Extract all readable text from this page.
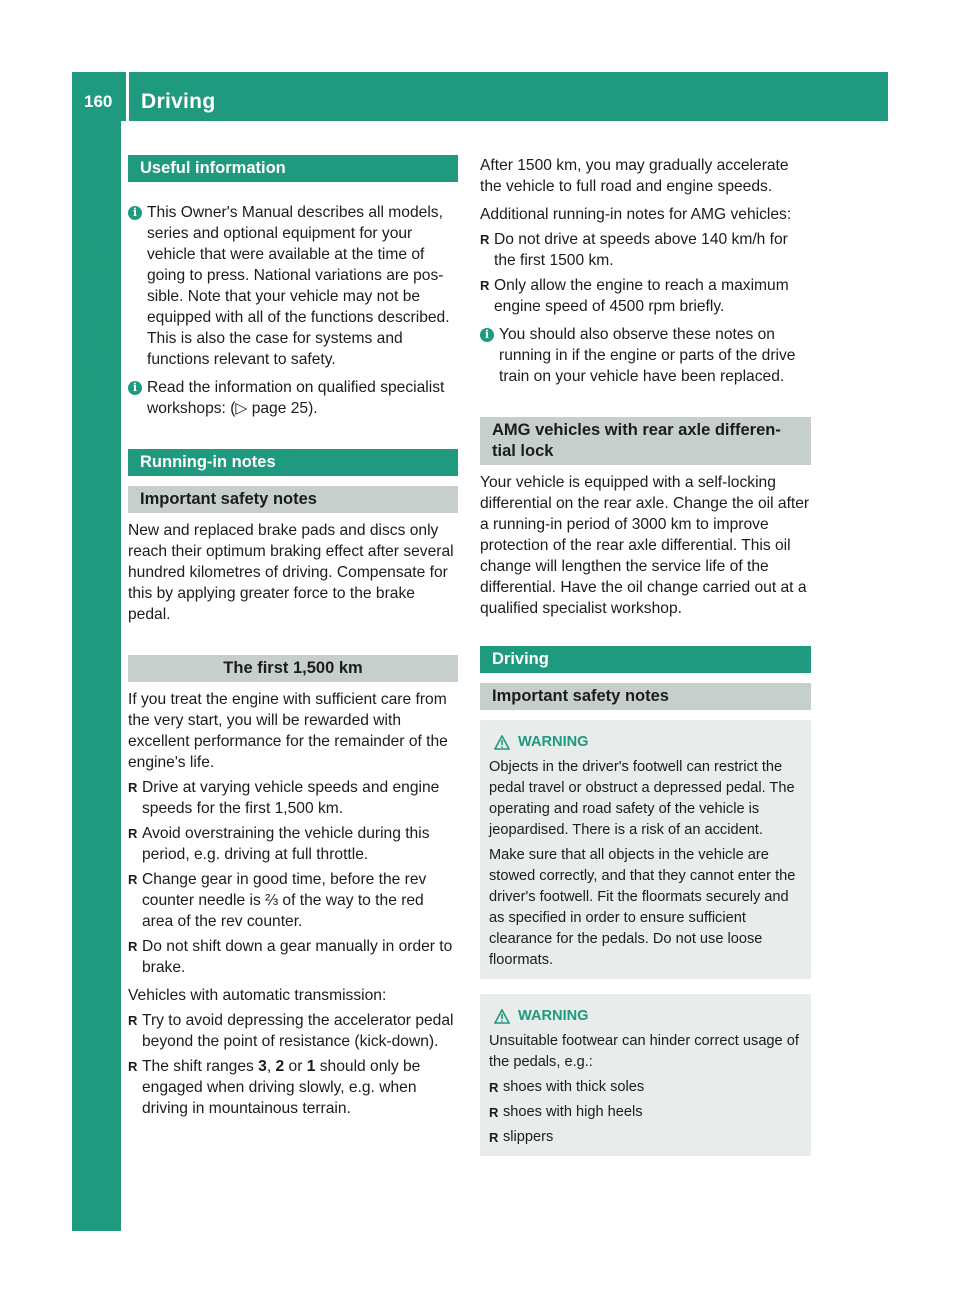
160	Driving
Driving and parking
Useful information
i This Owner's Manual describes all models, series and optional equipment for your vehicle that were available at the time of going to press. National variations are possible. Note that your vehicle may not be equipped with all of the functions described. This is also the case for systems and functions relevant to safety.

i Read the information on qualified specialist workshops: (▷ page 25).

Running-in notes
Important safety notes

New and replaced brake pads and discs only reach their optimum braking effect after several hundred kilometres of driving. Compensate for this by applying greater force to the brake pedal.

The first 1,500 km

If you treat the engine with sufficient care from the very start, you will be rewarded with excellent performance for the remainder of the engine's life.

R Drive at varying vehicle speeds and engine speeds for the first 1,500 km.
R Avoid overstraining the vehicle during this period, e.g. driving at full throttle.
R Change gear in good time, before the rev counter needle is ⅔ of the way to the red area of the rev counter.
R Do not shift down a gear manually in order to brake.

Vehicles with automatic transmission:

R Try to avoid depressing the accelerator pedal beyond the point of resistance (kick-down).
R The shift ranges 3, 2 or 1 should only be engaged when driving slowly, e.g. when driving in mountainous terrain.

After 1500 km, you may gradually accelerate the vehicle to full road and engine speeds.

Additional running-in notes for AMG vehicles:

R Do not drive at speeds above 140 km/h for the first 1500 km.
R Only allow the engine to reach a maximum engine speed of 4500 rpm briefly.
i You should also observe these notes on running in if the engine or parts of the drive train on your vehicle have been replaced.

AMG vehicles with rear axle differential lock

Your vehicle is equipped with a self-locking differential on the rear axle. Change the oil after a running-in period of 3000 km to improve protection of the rear axle differential. This oil change will lengthen the service life of the differential. Have the oil change carried out at a qualified specialist workshop.

Driving
Important safety notes
WARNING

Objects in the driver's footwell can restrict the pedal travel or obstruct a depressed pedal. The operating and road safety of the vehicle is jeopardised. There is a risk of an accident.

Make sure that all objects in the vehicle are stowed correctly, and that they cannot enter the driver's footwell. Fit the floormats securely and as specified in order to ensure sufficient clearance for the pedals. Do not use loose floormats.

WARNING

Unsuitable footwear can hinder correct usage of the pedals, e.g.:

R shoes with thick soles
R shoes with high heels
R slippers
